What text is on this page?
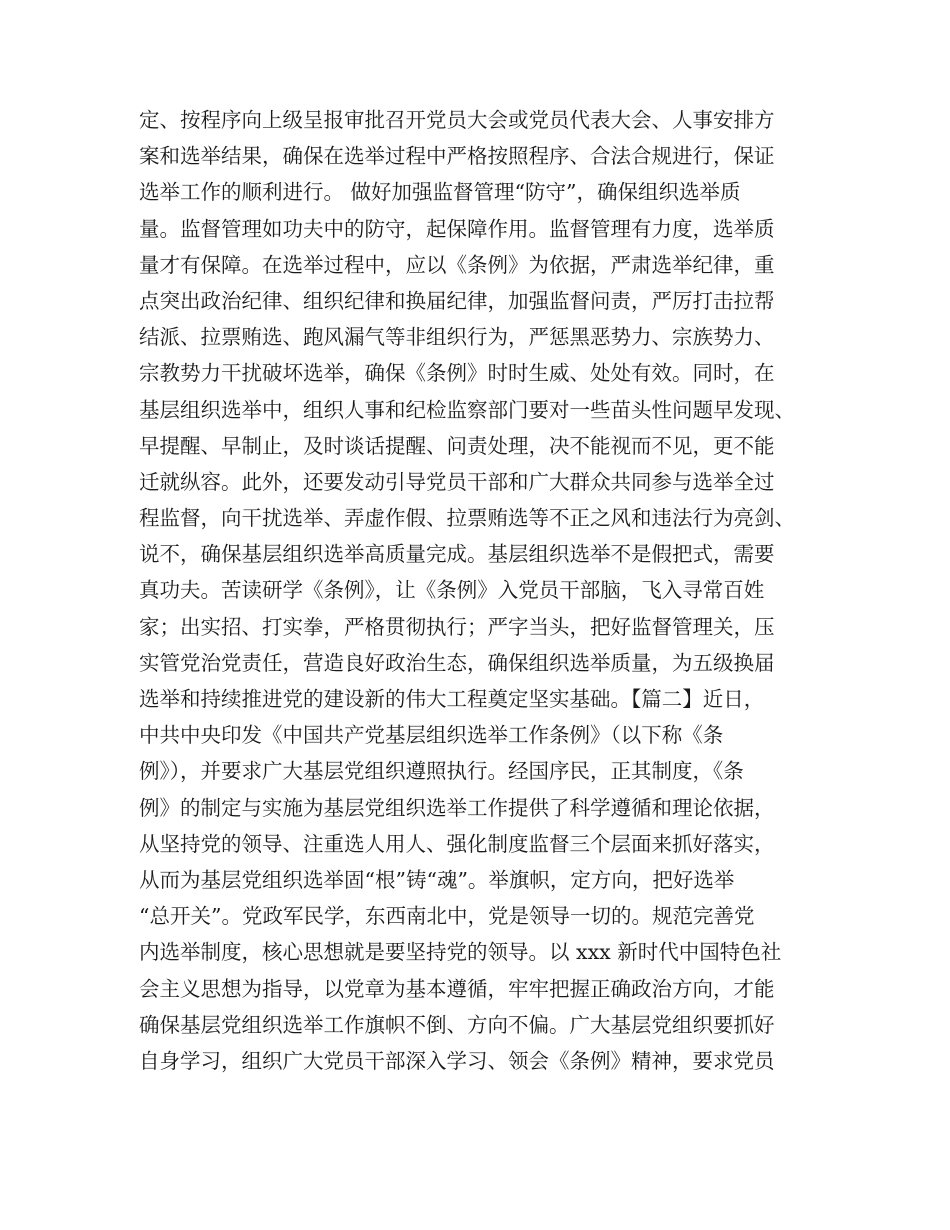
定、按程序向上级呈报审批召开党员大会或党员代表大会、人事安排方
案和选举结果，确保在选举过程中严格按照程序、合法合规进行，保证
选举工作的顺利进行。 做好加强监督管理“防守”，确保组织选举质
量。监督管理如功夫中的防守，起保障作用。监督管理有力度，选举质
量才有保障。在选举过程中，应以《条例》为依据，严肃选举纪律，重
点突出政治纪律、组织纪律和换届纪律，加强监督问责，严厉打击拉帮
结派、拉票贿选、跑风漏气等非组织行为，严惩黑恶势力、宗族势力、
宗教势力干扰破坏选举，确保《条例》时时生威、处处有效。同时，在
基层组织选举中，组织人事和纪检监察部门要对一些苗头性问题早发现、
早提醒、早制止，及时谈话提醒、问责处理，决不能视而不见，更不能
迁就纵容。此外，还要发动引导党员干部和广大群众共同参与选举全过
程监督，向干扰选举、弄虚作假、拉票贿选等不正之风和违法行为亮剑、
说不，确保基层组织选举高质量完成。基层组织选举不是假把式，需要
真功夫。苦读研学《条例》，让《条例》入党员干部脑，飞入寻常百姓
家；出实招、打实拳，严格贯彻执行；严字当头，把好监督管理关，压
实管党治党责任，营造良好政治生态，确保组织选举质量，为五级换届
选举和持续推进党的建设新的伟大工程奠定坚实基础。【篇二】近日，
中共中央印发《中国共产党基层组织选举工作条例》（以下称《条
例》），并要求广大基层党组织遵照执行。经国序民，正其制度，《条
例》的制定与实施为基层党组织选举工作提供了科学遵循和理论依据，
从坚持党的领导、注重选人用人、强化制度监督三个层面来抓好落实，
从而为基层党组织选举固“根”铸“魂”。举旗帜，定方向，把好选举
“总开关”。党政军民学，东西南北中，党是领导一切的。规范完善党
内选举制度，核心思想就是要坚持党的领导。以 xxx 新时代中国特色社
会主义思想为指导，以党章为基本遵循，牢牢把握正确政治方向，才能
确保基层党组织选举工作旗帜不倒、方向不偏。广大基层党组织要抓好
自身学习，组织广大党员干部深入学习、领会《条例》精神，要求党员
